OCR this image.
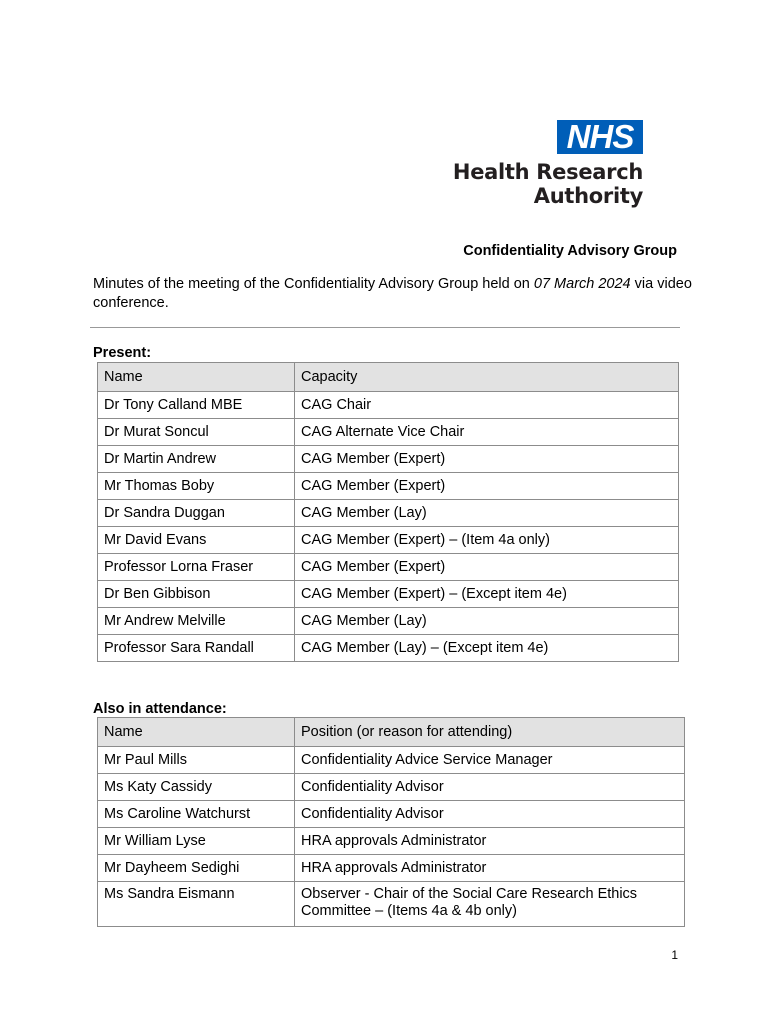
NHS
Health Research
Authority
Confidentiality Advisory Group
Minutes of the meeting of the Confidentiality Advisory Group held on 07 March 2024 via video conference.
Present:
Name	Capacity
Dr Tony Calland MBE	CAG Chair
Dr Murat Soncul	CAG Alternate Vice Chair
Dr Martin Andrew	CAG Member (Expert)
Mr Thomas Boby	CAG Member (Expert)
Dr Sandra Duggan	CAG Member (Lay)
Mr David Evans	CAG Member (Expert) – (Item 4a only)
Professor Lorna Fraser	CAG Member (Expert)
Dr Ben Gibbison	CAG Member (Expert) – (Except item 4e)
Mr Andrew Melville	CAG Member (Lay)
Professor Sara Randall	CAG Member (Lay) – (Except item 4e)
Also in attendance:
Name	Position (or reason for attending)
Mr Paul Mills	Confidentiality Advice Service Manager
Ms Katy Cassidy	Confidentiality Advisor
Ms Caroline Watchurst	Confidentiality Advisor
Mr William Lyse	HRA approvals Administrator
Mr Dayheem Sedighi	HRA approvals Administrator
Ms Sandra Eismann	Observer - Chair of the Social Care Research Ethics Committee – (Items 4a & 4b only)
1
